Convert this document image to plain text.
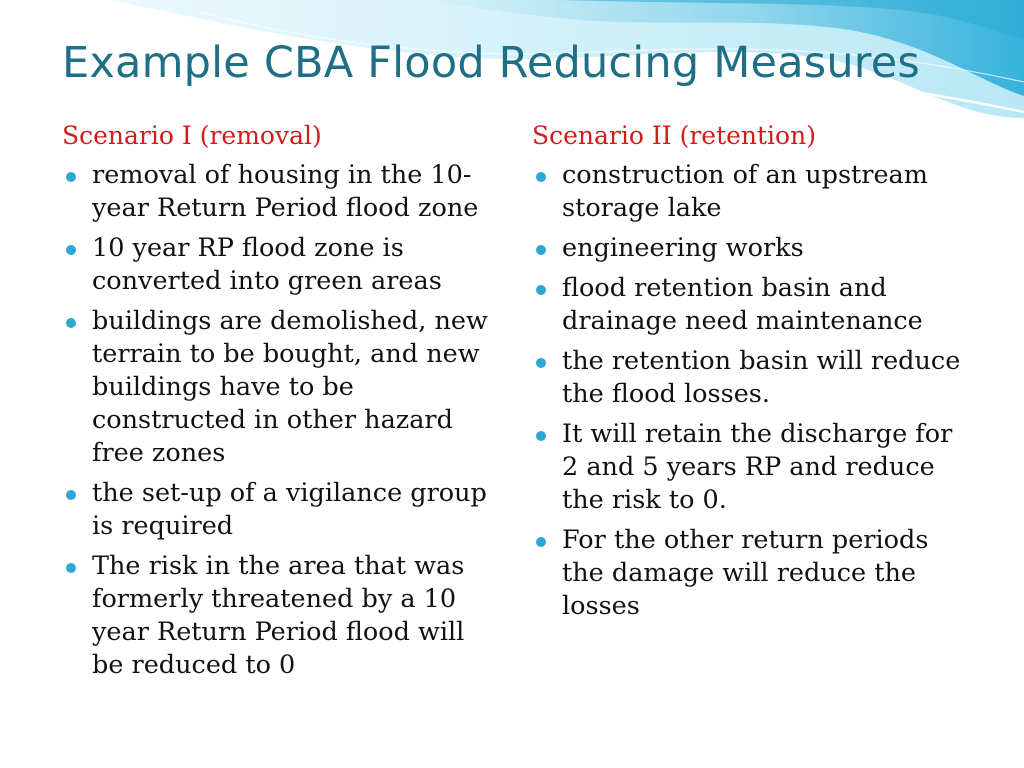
Example CBA Flood Reducing Measures
Scenario I (removal)
removal of housing in the 10-year Return Period flood zone
10 year RP flood zone is converted into green areas
buildings are demolished, new terrain to be bought, and new buildings have to be constructed in other hazard free zones
the set-up of a vigilance group is required
The risk in the area that was formerly threatened by a 10 year Return Period flood will be reduced to 0
Scenario II (retention)
construction of an upstream storage lake
engineering works
flood retention basin and drainage need maintenance
the retention basin will reduce the flood losses.
It will retain the discharge for 2 and 5 years RP and reduce the risk to 0.
For the other return periods the damage will reduce the losses
